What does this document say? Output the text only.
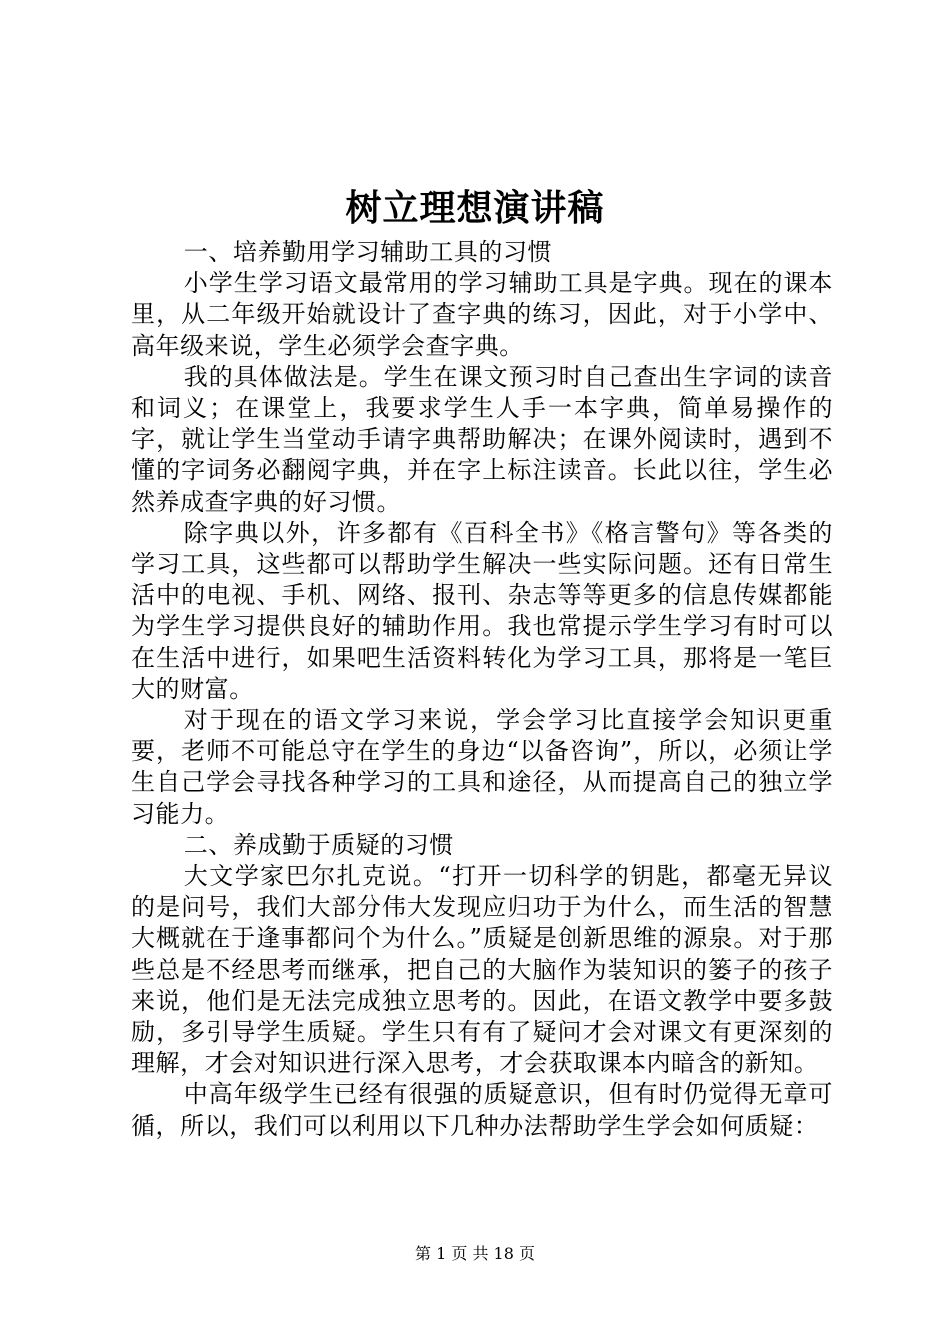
树立理想演讲稿

一、培养勤用学习辅助工具的习惯

小学生学习语文最常用的学习辅助工具是字典。现在的课本里，从二年级开始就设计了查字典的练习，因此，对于小学中、高年级来说，学生必须学会查字典。

我的具体做法是。学生在课文预习时自己查出生字词的读音和词义；在课堂上，我要求学生人手一本字典，简单易操作的字，就让学生当堂动手请字典帮助解决；在课外阅读时，遇到不懂的字词务必翻阅字典，并在字上标注读音。长此以往，学生必然养成查字典的好习惯。

除字典以外，许多都有《百科全书》《格言警句》等各类的学习工具，这些都可以帮助学生解决一些实际问题。还有日常生活中的电视、手机、网络、报刊、杂志等等更多的信息传媒都能为学生学习提供良好的辅助作用。我也常提示学生学习有时可以在生活中进行，如果吧生活资料转化为学习工具，那将是一笔巨大的财富。

对于现在的语文学习来说，学会学习比直接学会知识更重要，老师不可能总守在学生的身边“以备咨询”，所以，必须让学生自己学会寻找各种学习的工具和途径，从而提高自己的独立学习能力。

二、养成勤于质疑的习惯

大文学家巴尔扎克说。“打开一切科学的钥匙，都毫无异议的是问号，我们大部分伟大发现应归功于为什么，而生活的智慧大概就在于逢事都问个为什么。”质疑是创新思维的源泉。对于那些总是不经思考而继承，把自己的大脑作为装知识的篓子的孩子来说，他们是无法完成独立思考的。因此，在语文教学中要多鼓励，多引导学生质疑。学生只有有了疑问才会对课文有更深刻的理解，才会对知识进行深入思考，才会获取课本内暗含的新知。

中高年级学生已经有很强的质疑意识，但有时仍觉得无章可循，所以，我们可以利用以下几种办法帮助学生学会如何质疑：

第 1 页 共 18 页
